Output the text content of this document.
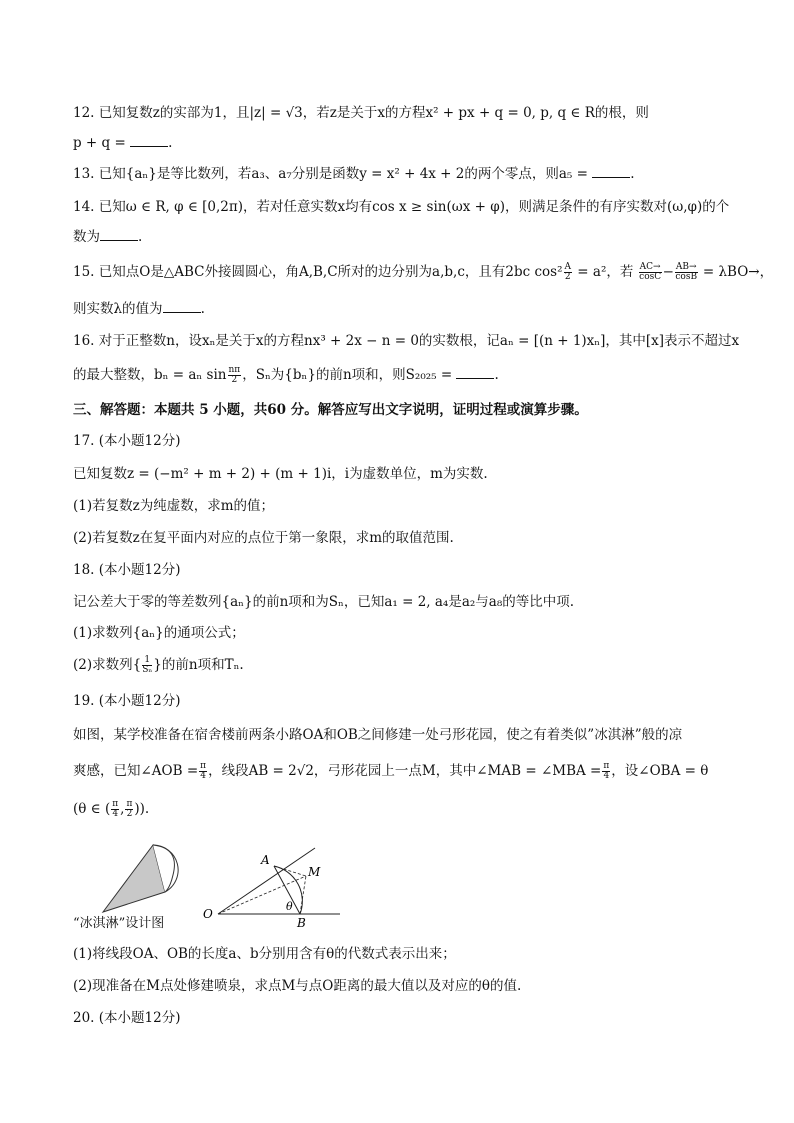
12. 已知复数z的实部为1，且|z| = √3，若z是关于x的方程x² + px + q = 0, p, q ∈ R的根，则
p + q =	.
13. 已知{aₙ}是等比数列，若a₃、a₇分别是函数y = x² + 4x + 2的两个零点，则a₅ =	.
14. 已知ω ∈ R, φ ∈ [0,2π)，若对任意实数x均有cos x ≥ sin(ωx + φ)，则满足条件的有序实数对(ω,φ)的个
数为	.
15. 已知点O是△ABC外接圆圆心，角A,B,C所对的边分别为a,b,c，且有2bc $\cos^2 \frac{A}{2} = a^2$，若 $\frac{AC\to}{\cos C} - \frac{AB\to}{\cos B} = \lambda BO\to$，
则实数λ的值为	.
16. 对于正整数n，设xₙ是关于x的方程nx³ + 2x − n = 0的实数根，记aₙ = [(n + 1)xₙ]，其中[x]表示不超过x
的最大整数，bₙ = aₙ $\sin \frac{n\pi}{2}$ ，Sₙ为{bₙ}的前n项和，则S₂₀₂₅ =	.
三、解答题：本题共 5 小题，共60 分。解答应写出文字说明，证明过程或演算步骤。
17. (本小题12分)
已知复数z = (−m² + m + 2) + (m + 1)i，i为虚数单位，m为实数.
(1)若复数z为纯虚数，求m的值；
(2)若复数z在复平面内对应的点位于第一象限，求m的取值范围.
18. (本小题12分)
记公差大于零的等差数列{aₙ}的前n项和为Sₙ，已知a₁ = 2, a₄是a₂与a₈的等比中项.
(1)求数列{aₙ}的通项公式；
(2)求数列{ $\frac{1}{\text{Sₙ}}$ }的前n项和Tₙ.
19. (本小题12分)
如图，某学校准备在宿舍楼前两条小路OA和OB之间修建一处弓形花园，使之有着类似”冰淇淋”般的凉
爽感，已知∠AOB = $\frac{\pi}{4}$ ，线段AB = 2√2，弓形花园上一点M，其中∠MAB = ∠MBA = $\frac{\pi}{4}$ ，设∠OBA = θ
(θ ∈ ( $\frac{\pi}{4}$ , $\frac{\pi}{2}$ )).
“冰淇淋”设计图
A
M
O
B
θ
(1)将线段OA、OB的长度a、b分别用含有θ的代数式表示出来；
(2)现准备在M点处修建喷泉，求点M与点O距离的最大值以及对应的θ的值.
20. (本小题12分)
